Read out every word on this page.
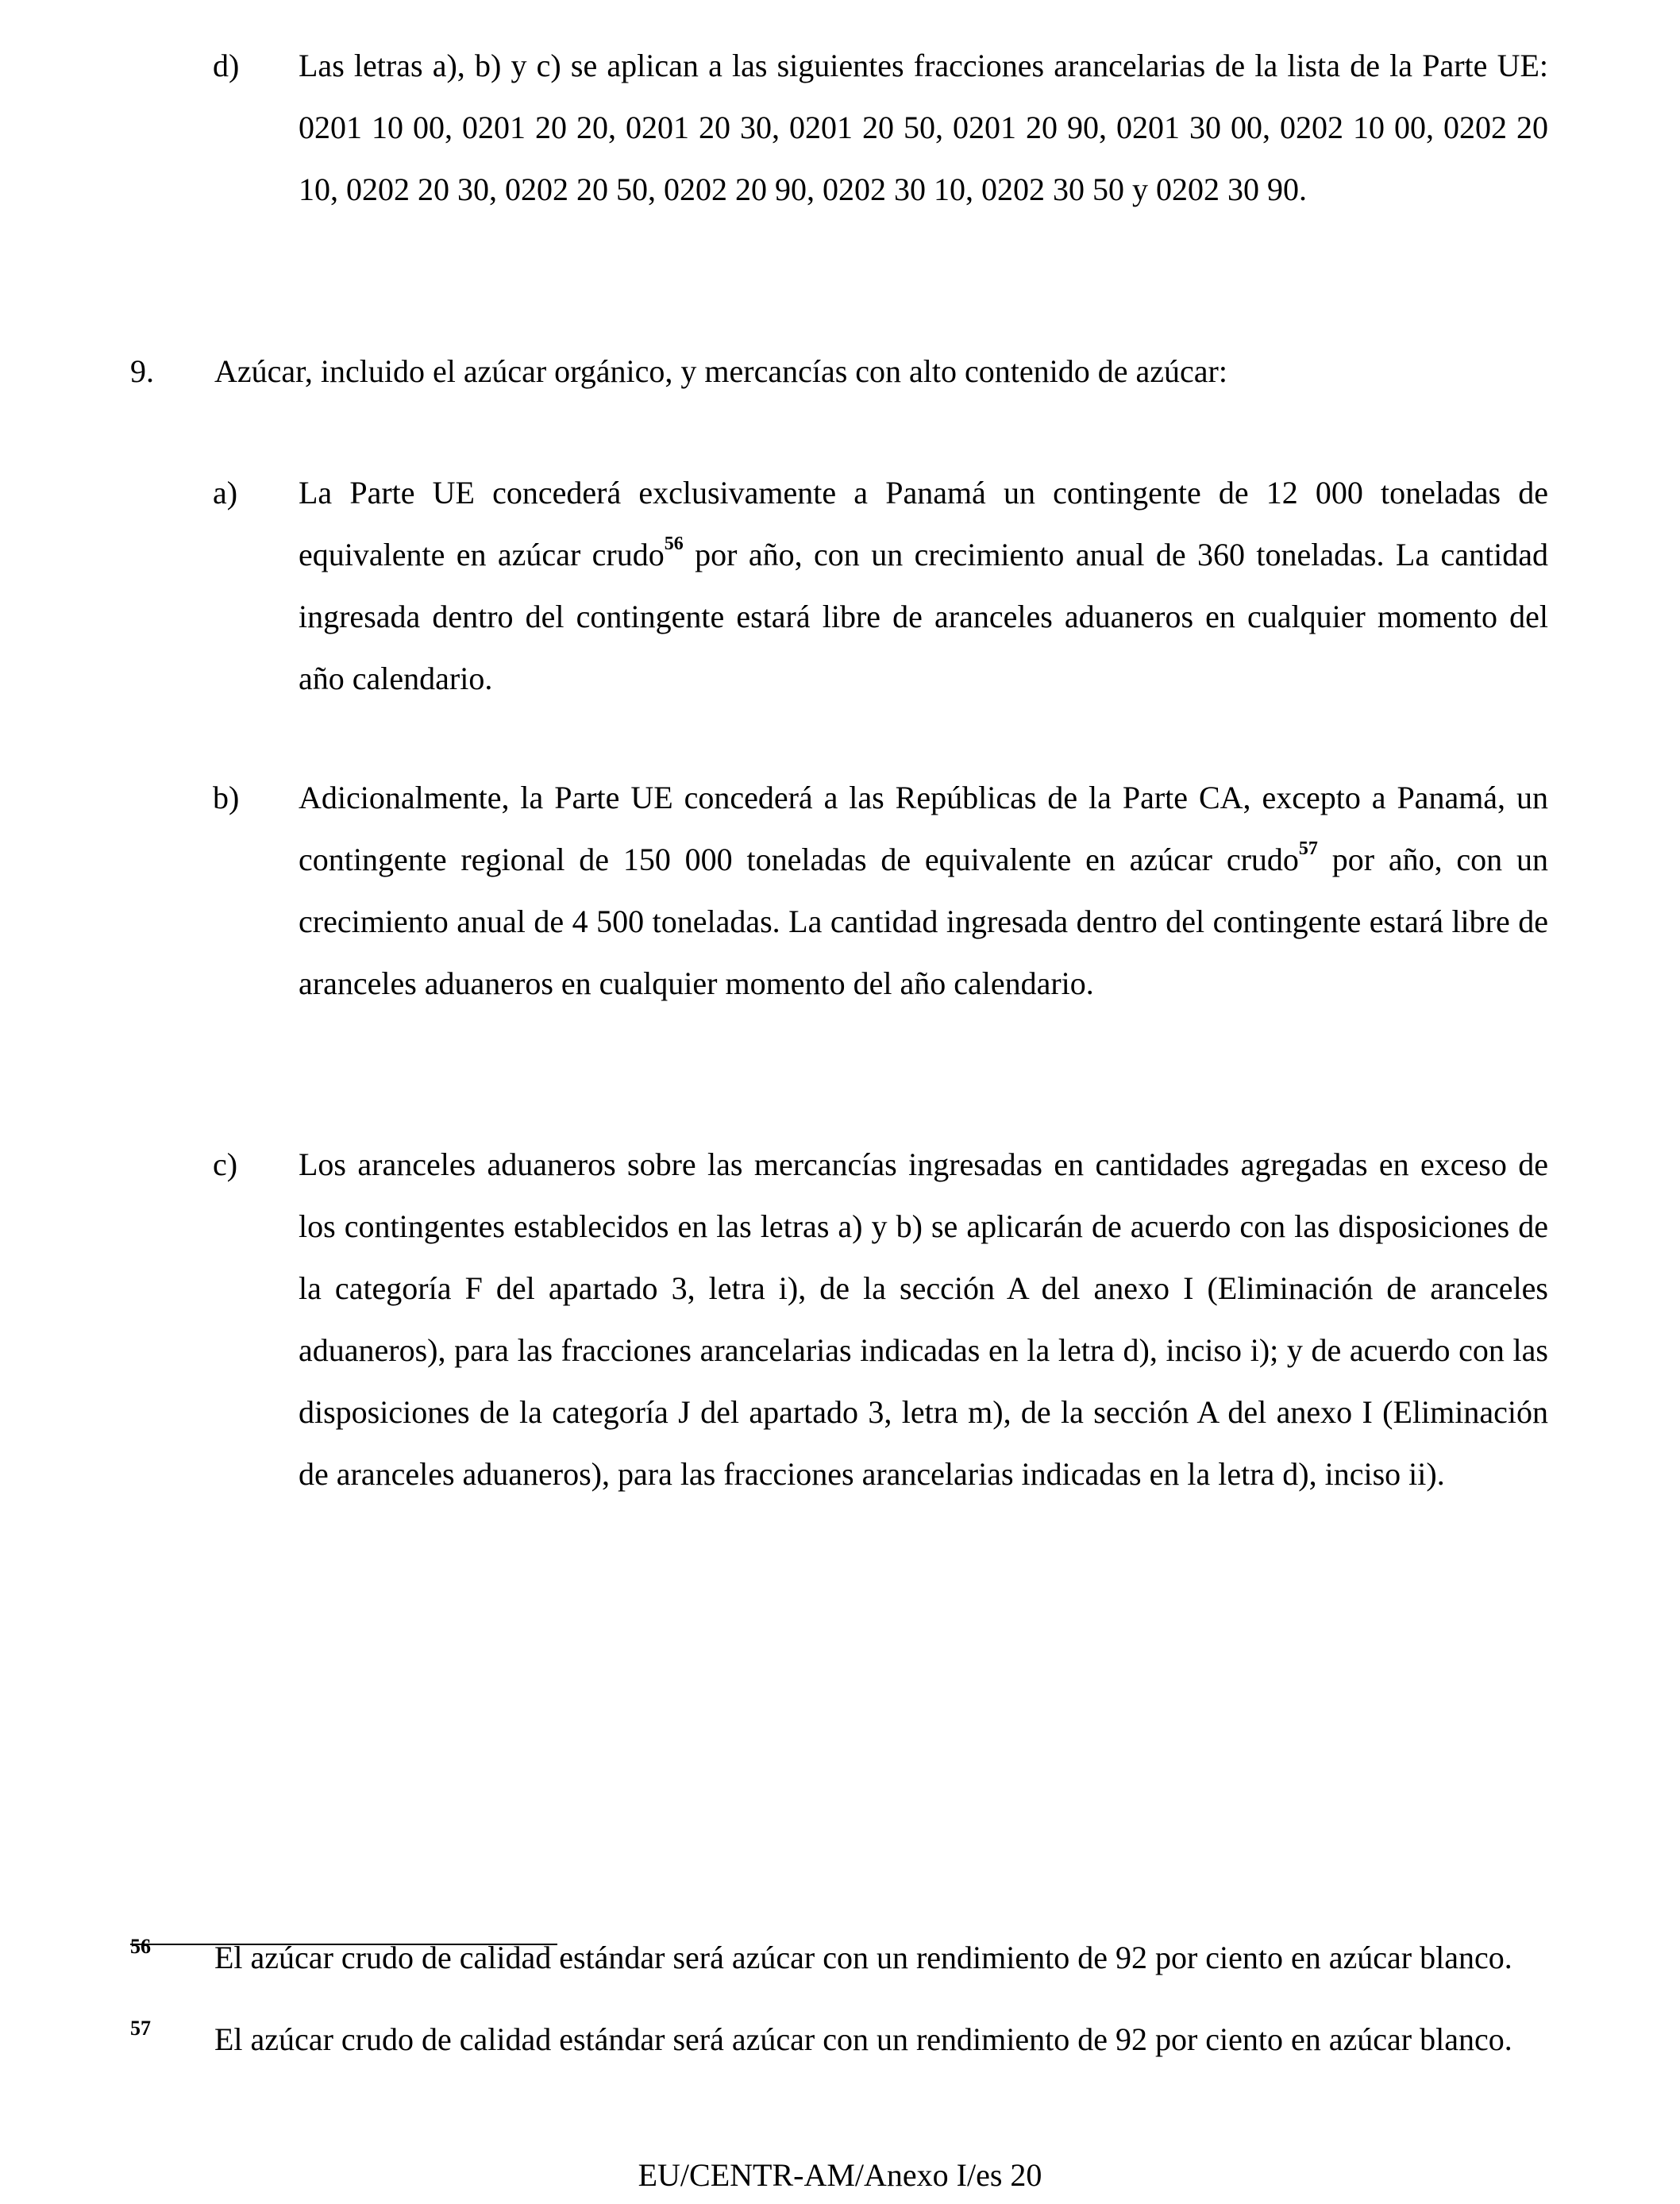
d) Las letras a), b) y c) se aplican a las siguientes fracciones arancelarias de la lista de la Parte UE: 0201 10 00, 0201 20 20, 0201 20 30, 0201 20 50, 0201 20 90, 0201 30 00, 0202 10 00, 0202 20 10, 0202 20 30, 0202 20 50, 0202 20 90, 0202 30 10, 0202 30 50 y 0202 30 90.
9. Azúcar, incluido el azúcar orgánico, y mercancías con alto contenido de azúcar:
a) La Parte UE concederá exclusivamente a Panamá un contingente de 12 000 toneladas de equivalente en azúcar crudo$^{56}$ por año, con un crecimiento anual de 360 toneladas. La cantidad ingresada dentro del contingente estará libre de aranceles aduaneros en cualquier momento del año calendario.
b) Adicionalmente, la Parte UE concederá a las Repúblicas de la Parte CA, excepto a Panamá, un contingente regional de 150 000 toneladas de equivalente en azúcar crudo$^{57}$ por año, con un crecimiento anual de 4 500 toneladas. La cantidad ingresada dentro del contingente estará libre de aranceles aduaneros en cualquier momento del año calendario.
c) Los aranceles aduaneros sobre las mercancías ingresadas en cantidades agregadas en exceso de los contingentes establecidos en las letras a) y b) se aplicarán de acuerdo con las disposiciones de la categoría F del apartado 3, letra i), de la sección A del anexo I (Eliminación de aranceles aduaneros), para las fracciones arancelarias indicadas en la letra d), inciso i); y de acuerdo con las disposiciones de la categoría J del apartado 3, letra m), de la sección A del anexo I (Eliminación de aranceles aduaneros), para las fracciones arancelarias indicadas en la letra d), inciso ii).
56 El azúcar crudo de calidad estándar será azúcar con un rendimiento de 92 por ciento en azúcar blanco.
57 El azúcar crudo de calidad estándar será azúcar con un rendimiento de 92 por ciento en azúcar blanco.
EU/CENTR-AM/Anexo I/es 20
